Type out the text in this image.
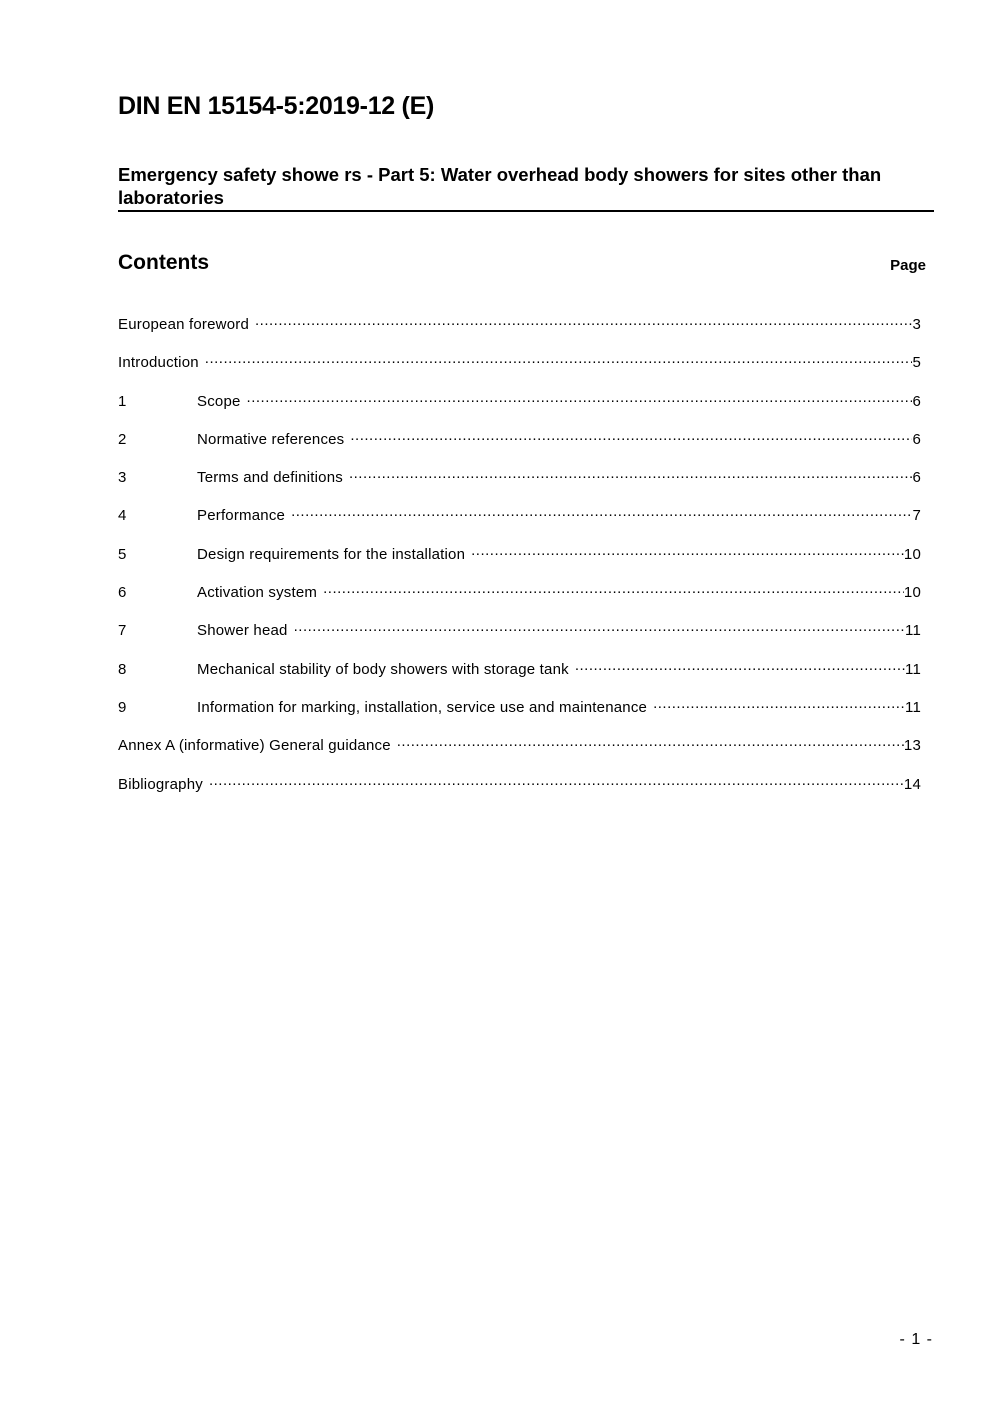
DIN EN 15154-5:2019-12 (E)
Emergency safety showe rs - Part 5: Water overhead body showers for sites other than laboratories
Contents	Page
European foreword .....	3
Introduction .....	5
1	Scope .....	6
2	Normative references .....	6
3	Terms and definitions .....	6
4	Performance .....	7
5	Design requirements for the installation .....	10
6	Activation system .....	10
7	Shower head .....	11
8	Mechanical stability of body showers with storage tank .....	11
9	Information for marking, installation, service use and maintenance .....	11
Annex A (informative) General guidance .....	13
Bibliography .....	14
- 1 -
